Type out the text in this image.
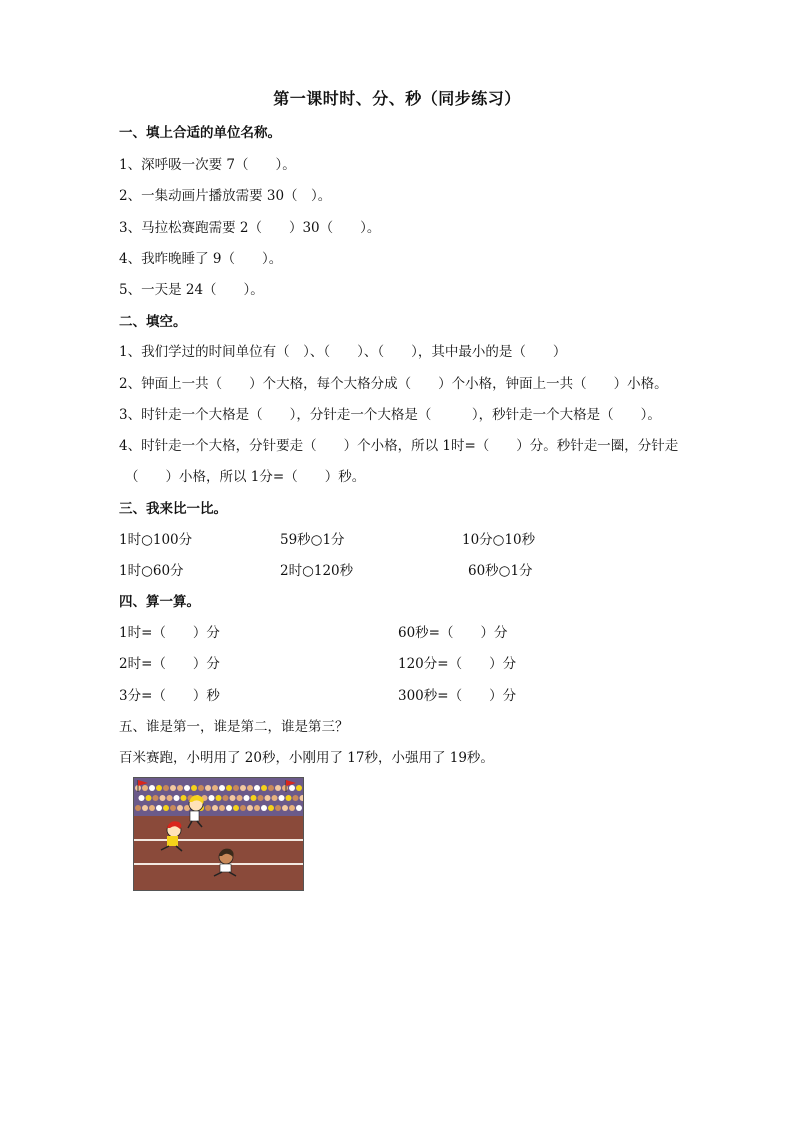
第一课时时、分、秒（同步练习）
一、填上合适的单位名称。
1、深呼吸一次要 7（　　）。
2、一集动画片播放需要 30（　）。
3、马拉松赛跑需要 2（　　）30（　　）。
4、我昨晚睡了 9（　　）。
5、一天是 24（　　）。
二、填空。
1、我们学过的时间单位有（　）、（　　）、（　　），其中最小的是（　　）
2、钟面上一共（　　）个大格，每个大格分成（　　）个小格，钟面上一共（　　）小格。
3、时针走一个大格是（　　），分针走一个大格是（　　　），秒针走一个大格是（　　）。
4、时针走一个大格，分针要走（　　）个小格，所以 1时=（　　）分。秒针走一圈，分针走
（　　）小格，所以 1分=（　　）秒。
三、我来比一比。
1时○100分	59秒○1分	10分○10秒
1时○60分	2时○120秒	60秒○1分
四、算一算。
1时=（　　）分	60秒=（　　）分
2时=（　　）分	120分=（　　）分
3分=（　　）秒	300秒=（　　）分
五、谁是第一，谁是第二，谁是第三？
百米赛跑，小明用了 20秒，小刚用了 17秒，小强用了 19秒。
